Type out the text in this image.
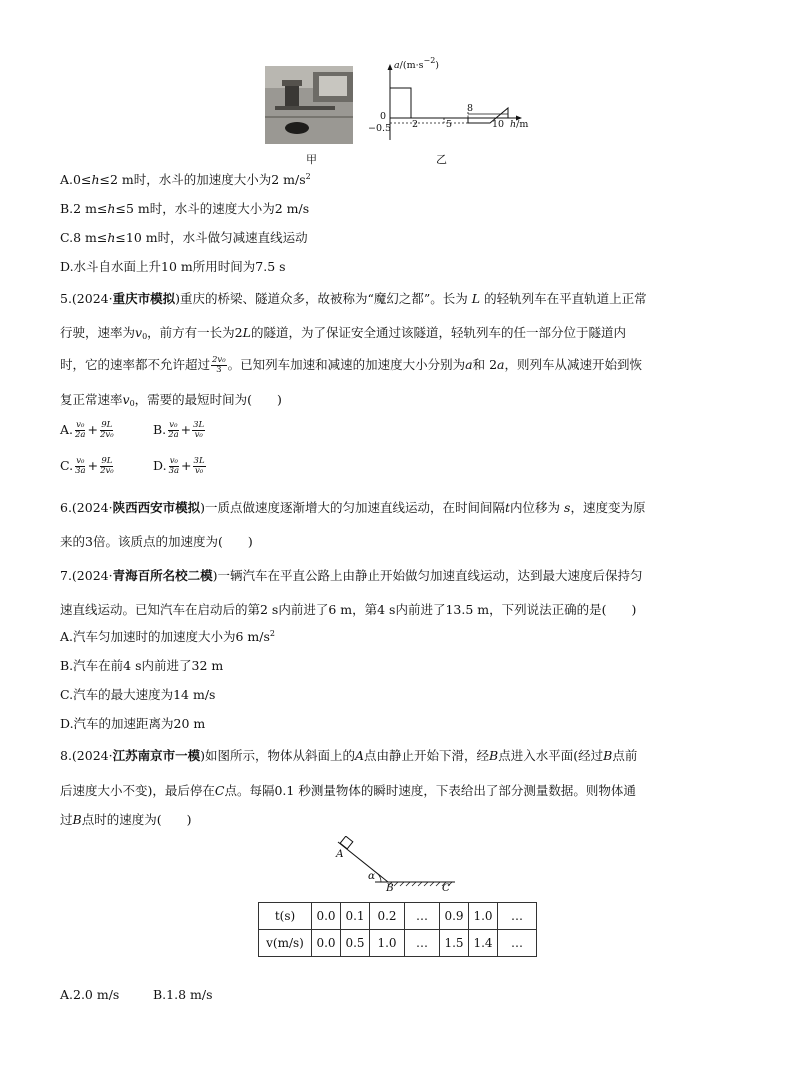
甲
$a/(m\cdot s^{-2})$
0
−0.5 2	5
8
10 h/m
乙
A.0≤h≤2 m时，水斗的加速度大小为2 $m/s^2$
B.2 m≤h≤5 m时，水斗的速度大小为2 m/s
C.8 m≤h≤10 m时，水斗做匀减速直线运动
D.水斗自水面上升10 m所用时间为7.5 s
5.(2024·重庆市模拟)重庆的桥梁、隧道众多，故被称为“魔幻之都”。长为 L 的轻轨列车在平直轨道上正常
行驶，速率为$v_0$，前方有一长为2L的隧道，为了保证安全通过该隧道，轻轨列车的任一部分位于隧道内
时，它的速率都不允许超过 $\frac{\text{2v₀}}{3}$ 。已知列车加速和减速的加速度大小分别为a和 2a，则列车从减速开始到恢
复正常速率$v_0$，需要的最短时间为(　　)
A. $\frac{\text{v₀}}{2a} + \frac{9L}{\text{2v₀}}$	B. $\frac{\text{v₀}}{2a} + \frac{3L}{\text{v₀}}$
C. $\frac{\text{v₀}}{3a} + \frac{9L}{\text{2v₀}}$	D. $\frac{\text{v₀}}{3a} + \frac{3L}{\text{v₀}}$
6.(2024·陕西西安市模拟)一质点做速度逐渐增大的匀加速直线运动，在时间间隔t内位移为 s，速度变为原
来的3倍。该质点的加速度为(　　)
7.(2024·青海百所名校二模)一辆汽车在平直公路上由静止开始做匀加速直线运动，达到最大速度后保持匀
速直线运动。已知汽车在启动后的第2 s内前进了6 m，第4 s内前进了13.5 m，下列说法正确的是(　　)
A.汽车匀加速时的加速度大小为6 $m/s^2$
B.汽车在前4 s内前进了32 m
C.汽车的最大速度为14 m/s
D.汽车的加速距离为20 m
8.(2024·江苏南京市一模)如图所示，物体从斜面上的A点由静止开始下滑，经B点进入水平面(经过B点前
后速度大小不变)，最后停在C点。每隔0.1 秒测量物体的瞬时速度，下表给出了部分测量数据。则物体通
过B点时的速度为(　　)
A
α
B	C
t(s)	0.0	0.1	0.2	…	0.9	1.0	…
v(m/s)	0.0	0.5	1.0	…	1.5	1.4	…
A.2.0 m/s	B.1.8 m/s
